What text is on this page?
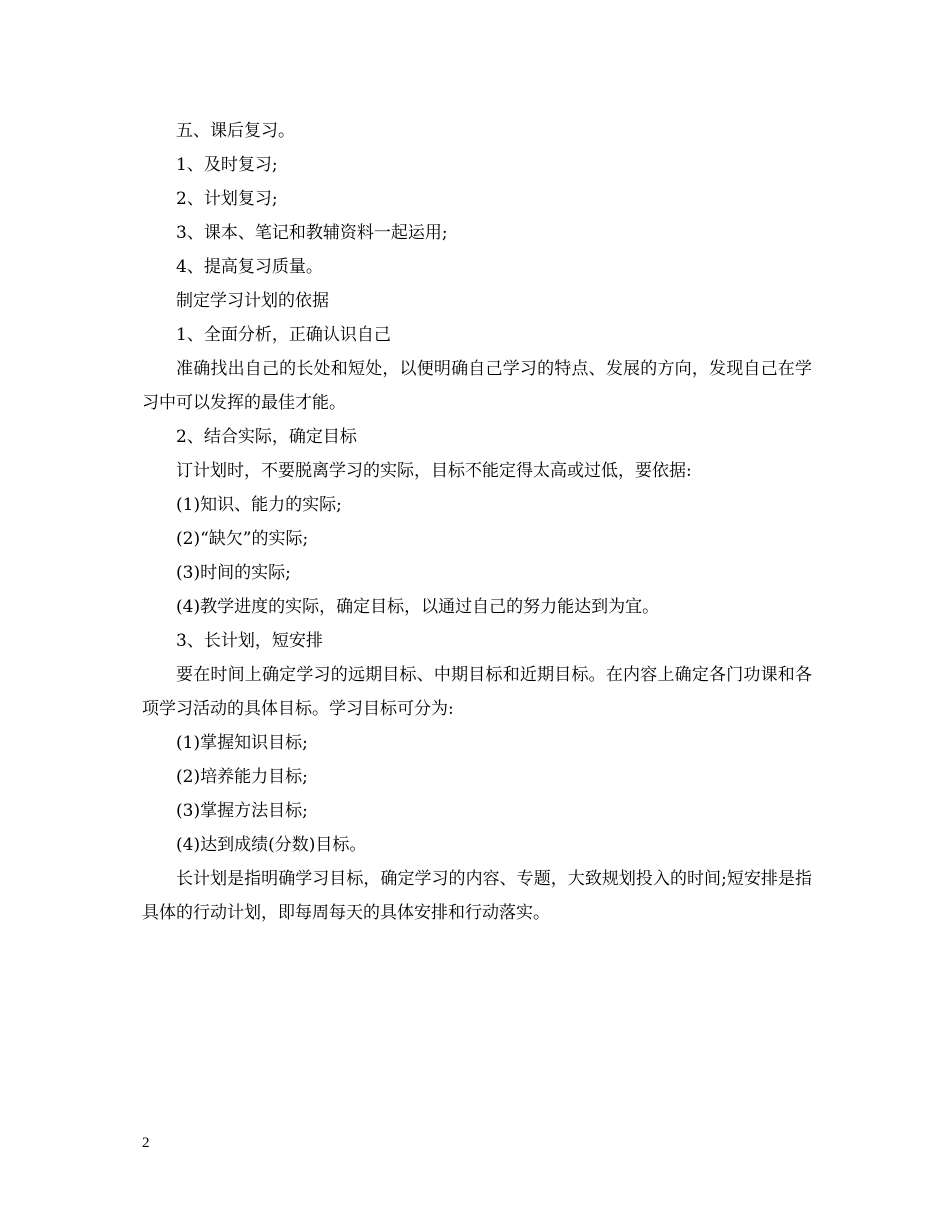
五、课后复习。

1、及时复习;

2、计划复习;

3、课本、笔记和教辅资料一起运用;

4、提高复习质量。

制定学习计划的依据

1、全面分析，正确认识自己

准确找出自己的长处和短处，以便明确自己学习的特点、发展的方向，发现自己在学习中可以发挥的最佳才能。

2、结合实际，确定目标

订计划时，不要脱离学习的实际，目标不能定得太高或过低，要依据:

(1)知识、能力的实际;

(2)“缺欠”的实际;

(3)时间的实际;

(4)教学进度的实际，确定目标，以通过自己的努力能达到为宜。

3、长计划，短安排

要在时间上确定学习的远期目标、中期目标和近期目标。在内容上确定各门功课和各项学习活动的具体目标。学习目标可分为:

(1)掌握知识目标;

(2)培养能力目标;

(3)掌握方法目标;

(4)达到成绩(分数)目标。

长计划是指明确学习目标，确定学习的内容、专题，大致规划投入的时间;短安排是指具体的行动计划，即每周每天的具体安排和行动落实。

2
